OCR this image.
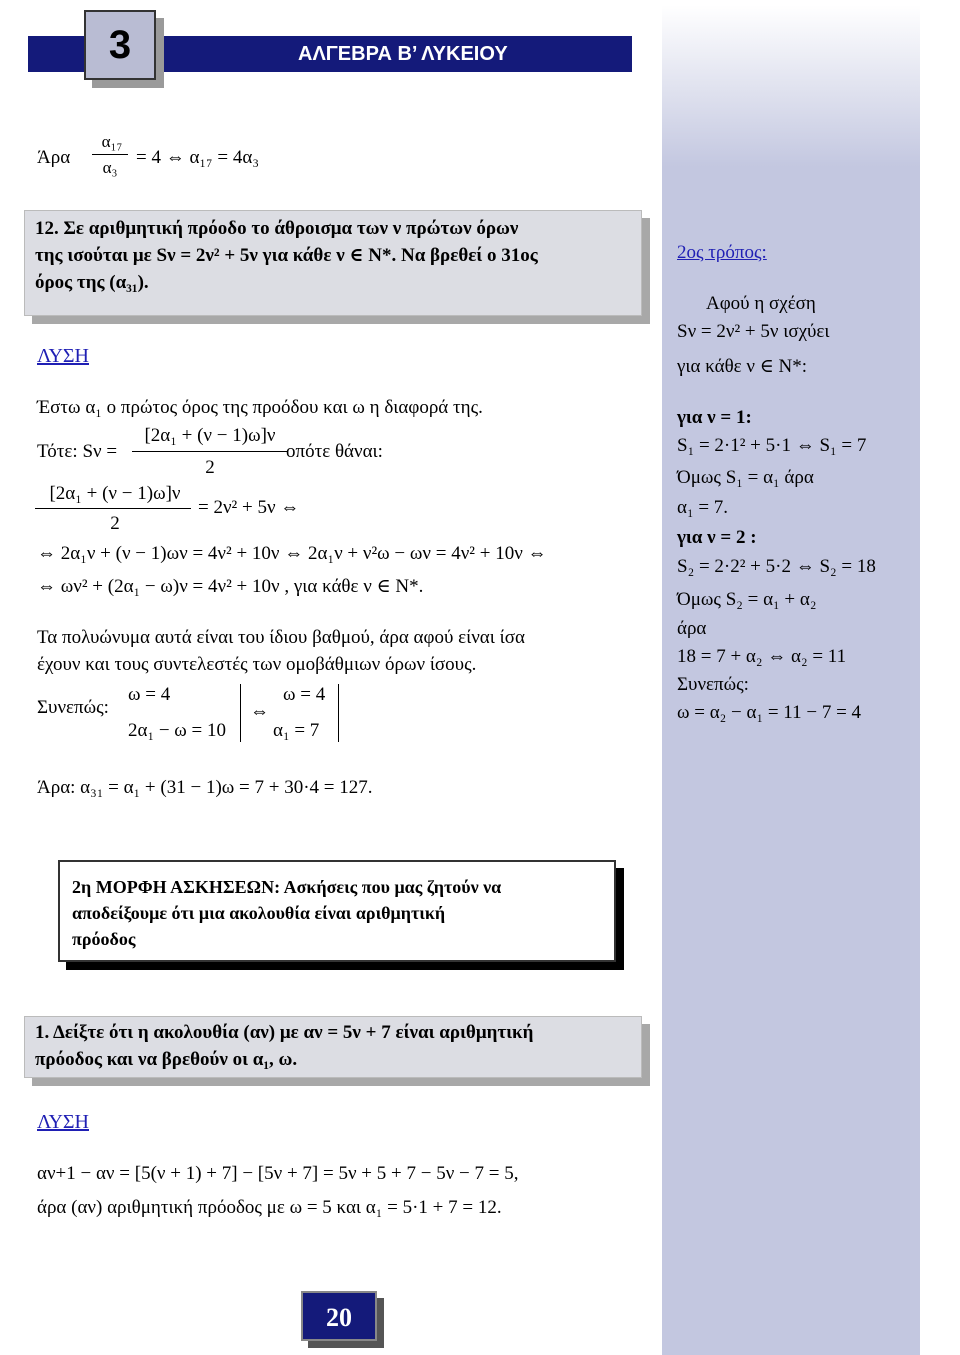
ΑΛΓΕΒΡΑ Β’ ΛΥΚΕΙΟΥ
3
Άρα
α₁₇
α₃ = 4 ⇔ α₁₇ = 4α₃

12. Σε αριθμητική πρόοδο το άθροισμα των ν πρώτων όρων

της ισούται με Sν = 2ν² + 5ν για κάθε ν ∈ N*. Να βρεθεί ο 31ος

όρος της (α₃₁).

ΛΥΣΗ
Έστω α₁ ο πρώτος όρος της προόδου και ω η διαφορά της.
Τότε: Sν =
[2α₁ + (ν − 1)ω]ν
2
οπότε θάναι:
[2α₁ + (ν − 1)ω]ν
2
= 2ν² + 5ν ⇔
⇔ 2α₁ν + (ν − 1)ων = 4ν² + 10ν ⇔ 2α₁ν + ν²ω − ων = 4ν² + 10ν ⇔
⇔ ων² + (2α₁ − ω)ν = 4ν² + 10ν , για κάθε ν ∈ N*.
Τα πολυώνυμα αυτά είναι του ίδιου βαθμού, άρα αφού είναι ίσα
έχουν και τους συντελεστές των ομοβάθμιων όρων ίσους.
Συνεπώς:
ω = 4
2α₁ − ω = 10
⇔
ω = 4
α₁ = 7
Άρα: α₃₁ = α₁ + (31 − 1)ω = 7 + 30·4 = 127.
2ος τρόπος:
Αφού η σχέση
Sν = 2ν² + 5ν ισχύει
για κάθε ν ∈ N*:
για ν = 1:
S₁ = 2·1² + 5·1 ⇔ S₁ = 7
Όμως S₁ = α₁ άρα
α₁ = 7.
για ν = 2 :
S₂ = 2·2² + 5·2 ⇔ S₂ = 18
Όμως S₂ = α₁ + α₂
άρα
18 = 7 + α₂ ⇔ α₂ = 11
Συνεπώς:
ω = α₂ − α₁ = 11 − 7 = 4
2η ΜΟΡΦΗ ΑΣΚΗΣΕΩΝ: Ασκήσεις που μας ζητούν να
αποδείξουμε ότι μια ακολουθία είναι αριθμητική
πρόοδος

1. Δείξτε ότι η ακολουθία (αν) με αν = 5ν + 7 είναι αριθμητική

πρόοδος και να βρεθούν οι α₁, ω.

ΛΥΣΗ
αν+1 − αν = [5(ν + 1) + 7] − [5ν + 7] = 5ν + 5 + 7 − 5ν − 7 = 5,
άρα (αν) αριθμητική πρόοδος με ω = 5 και α₁ = 5·1 + 7 = 12.
20
